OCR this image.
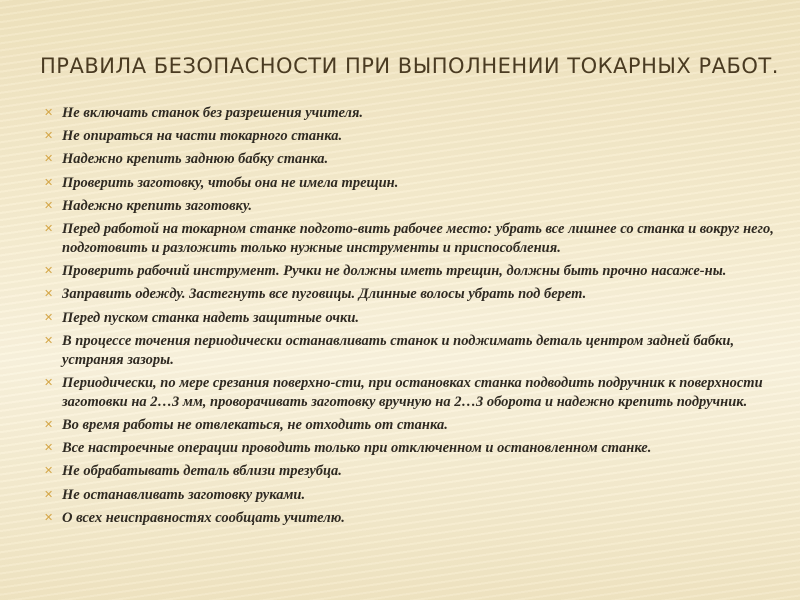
ПРАВИЛА БЕЗОПАСНОСТИ ПРИ ВЫПОЛНЕНИИ ТОКАРНЫХ РАБОТ.
✕ Не включать станок без разрешения учителя.
✕ Не опираться на части токарного станка.
✕ Надежно крепить заднюю бабку станка.
✕ Проверить заготовку, чтобы она не имела трещин.
✕ Надежно крепить заготовку.
✕ Перед работой на токарном станке подгото-вить рабочее место: убрать все лишнее со станка и вокруг него, подготовить и разложить только нужные инструменты и приспособления.
✕ Проверить рабочий инструмент. Ручки не должны иметь трещин, должны быть прочно насаже-ны.
✕ Заправить одежду. Застегнуть все пуговицы. Длинные волосы убрать под берет.
✕ Перед пуском станка надеть защитные очки.
✕ В процессе точения периодически останавливать станок и поджимать деталь центром задней бабки, устраняя зазоры.
✕ Периодически, по мере срезания поверхно-сти, при остановках станка подводить подручник к поверхности заготовки на 2…3 мм, проворачивать заготовку вручную на 2…3 оборота и надежно крепить подручник.
✕ Во время работы не отвлекаться, не отходить от станка.
✕ Все настроечные операции проводить только при отключенном и остановленном станке.
✕ Не обрабатывать деталь вблизи трезубца.
✕ Не останавливать заготовку руками.
✕ О всех неисправностях сообщать учителю.
